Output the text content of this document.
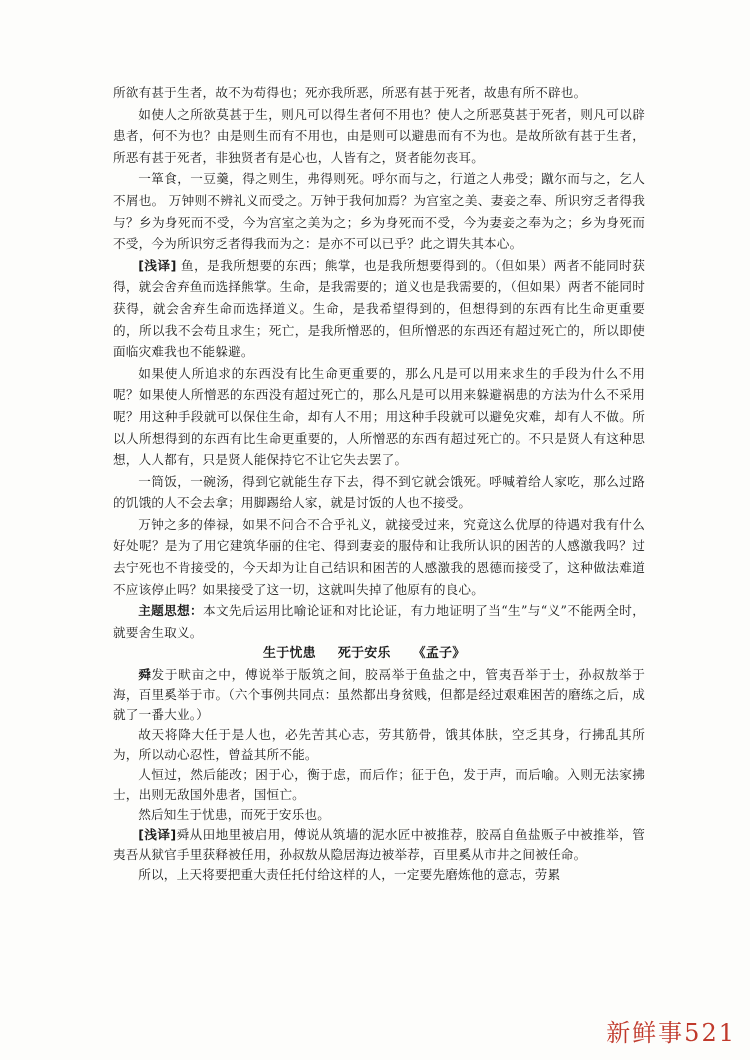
所欲有甚于生者，故不为苟得也；死亦我所恶，所恶有甚于死者，故患有所不辟也。

如使人之所欲莫甚于生，则凡可以得生者何不用也？使人之所恶莫甚于死者，则凡可以辟患者，何不为也？由是则生而有不用也，由是则可以避患而有不为也。是故所欲有甚于生者，所恶有甚于死者，非独贤者有是心也，人皆有之，贤者能勿丧耳。

一箪食，一豆羹，得之则生，弗得则死。呼尔而与之，行道之人弗受；蹴尔而与之，乞人不屑也。 万钟则不辨礼义而受之。万钟于我何加焉？为宫室之美、妻妾之奉、所识穷乏者得我与？乡为身死而不受，今为宫室之美为之；乡为身死而不受，今为妻妾之奉为之；乡为身死而不受，今为所识穷乏者得我而为之：是亦不可以已乎？此之谓失其本心。

[浅译] 鱼，是我所想要的东西；熊掌，也是我所想要得到的。（但如果）两者不能同时获得，就会舍弃鱼而选择熊掌。生命，是我需要的；道义也是我需要的，（但如果）两者不能同时获得，就会舍弃生命而选择道义。生命，是我希望得到的，但想得到的东西有比生命更重要的，所以我不会苟且求生；死亡，是我所憎恶的，但所憎恶的东西还有超过死亡的，所以即使面临灾难我也不能躲避。

如果使人所追求的东西没有比生命更重要的，那么凡是可以用来求生的手段为什么不用呢？如果使人所憎恶的东西没有超过死亡的，那么凡是可以用来躲避祸患的方法为什么不采用呢？用这种手段就可以保住生命，却有人不用；用这种手段就可以避免灾难，却有人不做。所以人所想得到的东西有比生命更重要的，人所憎恶的东西有超过死亡的。不只是贤人有这种思想，人人都有，只是贤人能保持它不让它失去罢了。

一筒饭，一碗汤，得到它就能生存下去，得不到它就会饿死。呼喊着给人家吃，那么过路的饥饿的人不会去拿；用脚踢给人家，就是讨饭的人也不接受。

万钟之多的俸禄，如果不问合不合乎礼义，就接受过来，究竟这么优厚的待遇对我有什么好处呢？是为了用它建筑华丽的住宅、得到妻妾的服侍和让我所认识的困苦的人感激我吗？过去宁死也不肯接受的，今天却为让自己结识和困苦的人感激我的恩德而接受了，这种做法难道不应该停止吗？如果接受了这一切，这就叫失掉了他原有的良心。

主题思想：本文先后运用比喻论证和对比论证，有力地证明了当“生”与“义”不能两全时，就要舍生取义。

生于忧患 死于安乐 《孟子》

舜发于畎亩之中，傅说举于版筑之间，胶鬲举于鱼盐之中，管夷吾举于士，孙叔敖举于海，百里奚举于市。（六个事例共同点：虽然都出身贫贱，但都是经过艰难困苦的磨练之后，成就了一番大业。）

故天将降大任于是人也，必先苦其心志，劳其筋骨，饿其体肤，空乏其身，行拂乱其所为，所以动心忍性，曾益其所不能。

人恒过，然后能改；困于心，衡于虑，而后作；征于色，发于声，而后喻。入则无法家拂士，出则无敌国外患者，国恒亡。

然后知生于忧患，而死于安乐也。

[浅译]舜从田地里被启用，傅说从筑墙的泥水匠中被推荐，胶鬲自鱼盐贩子中被推举，管夷吾从狱官手里获释被任用，孙叔敖从隐居海边被举荐，百里奚从市井之间被任命。

所以，上天将要把重大责任托付给这样的人，一定要先磨炼他的意志，劳累

新鲜事521
